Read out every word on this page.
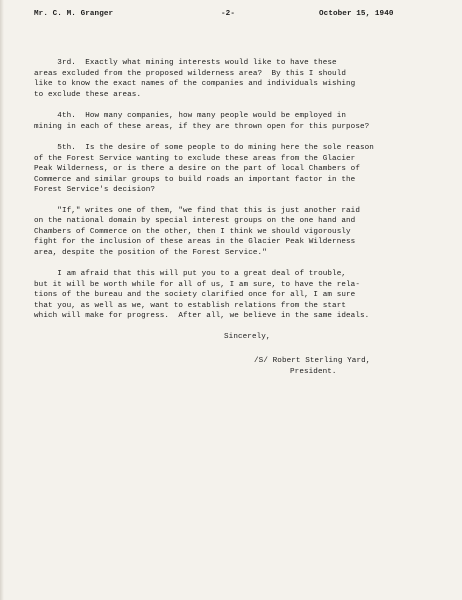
Mr. C. M. Granger	-2-	October 15, 1940
3rd.  Exactly what mining interests would like to have these
areas excluded from the proposed wilderness area?  By this I should
like to know the exact names of the companies and individuals wishing
to exclude these areas.
4th.  How many companies, how many people would be employed in
mining in each of these areas, if they are thrown open for this purpose?
5th.  Is the desire of some people to do mining here the sole reason
of the Forest Service wanting to exclude these areas from the Glacier
Peak Wilderness, or is there a desire on the part of local Chambers of
Commerce and similar groups to build roads an important factor in the
Forest Service's decision?
"If," writes one of them, "we find that this is just another raid
on the national domain by special interest groups on the one hand and
Chambers of Commerce on the other, then I think we should vigorously
fight for the inclusion of these areas in the Glacier Peak Wilderness
area, despite the position of the Forest Service."
I am afraid that this will put you to a great deal of trouble,
but it will be worth while for all of us, I am sure, to have the rela-
tions of the bureau and the society clarified once for all, I am sure
that you, as well as we, want to establish relations from the start
which will make for progress.  After all, we believe in the same ideals.
Sincerely,
/S/ Robert Sterling Yard,
President.
